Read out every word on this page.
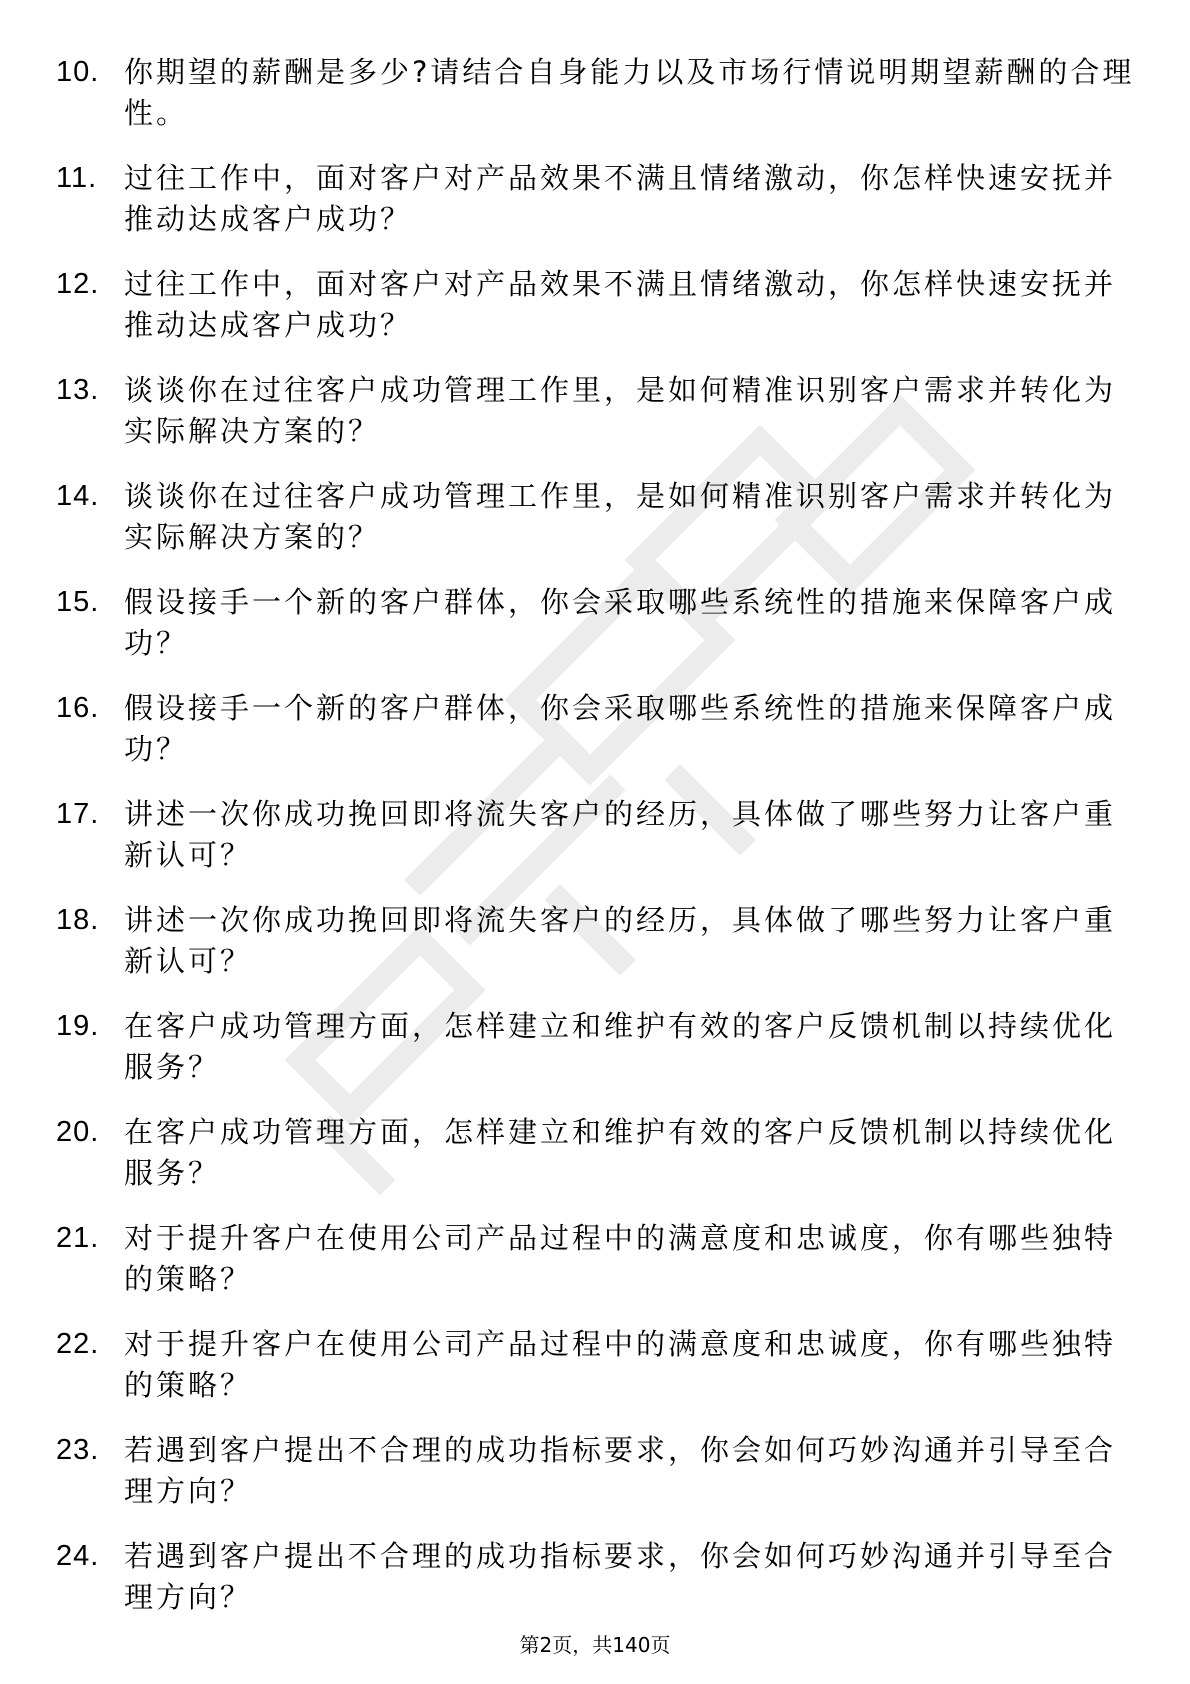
10. 你期望的薪酬是多少?请结合自身能力以及市场行情说明期望薪酬的合理性。
11. 过往工作中，面对客户对产品效果不满且情绪激动，你怎样快速安抚并推动达成客户成功？
12. 过往工作中，面对客户对产品效果不满且情绪激动，你怎样快速安抚并推动达成客户成功？
13. 谈谈你在过往客户成功管理工作里，是如何精准识别客户需求并转化为实际解决方案的？
14. 谈谈你在过往客户成功管理工作里，是如何精准识别客户需求并转化为实际解决方案的？
15. 假设接手一个新的客户群体，你会采取哪些系统性的措施来保障客户成功？
16. 假设接手一个新的客户群体，你会采取哪些系统性的措施来保障客户成功？
17. 讲述一次你成功挽回即将流失客户的经历，具体做了哪些努力让客户重新认可？
18. 讲述一次你成功挽回即将流失客户的经历，具体做了哪些努力让客户重新认可？
19. 在客户成功管理方面，怎样建立和维护有效的客户反馈机制以持续优化服务？
20. 在客户成功管理方面，怎样建立和维护有效的客户反馈机制以持续优化服务？
21. 对于提升客户在使用公司产品过程中的满意度和忠诚度，你有哪些独特的策略？
22. 对于提升客户在使用公司产品过程中的满意度和忠诚度，你有哪些独特的策略？
23. 若遇到客户提出不合理的成功指标要求，你会如何巧妙沟通并引导至合理方向？
24. 若遇到客户提出不合理的成功指标要求，你会如何巧妙沟通并引导至合理方向？
第2页，共140页
